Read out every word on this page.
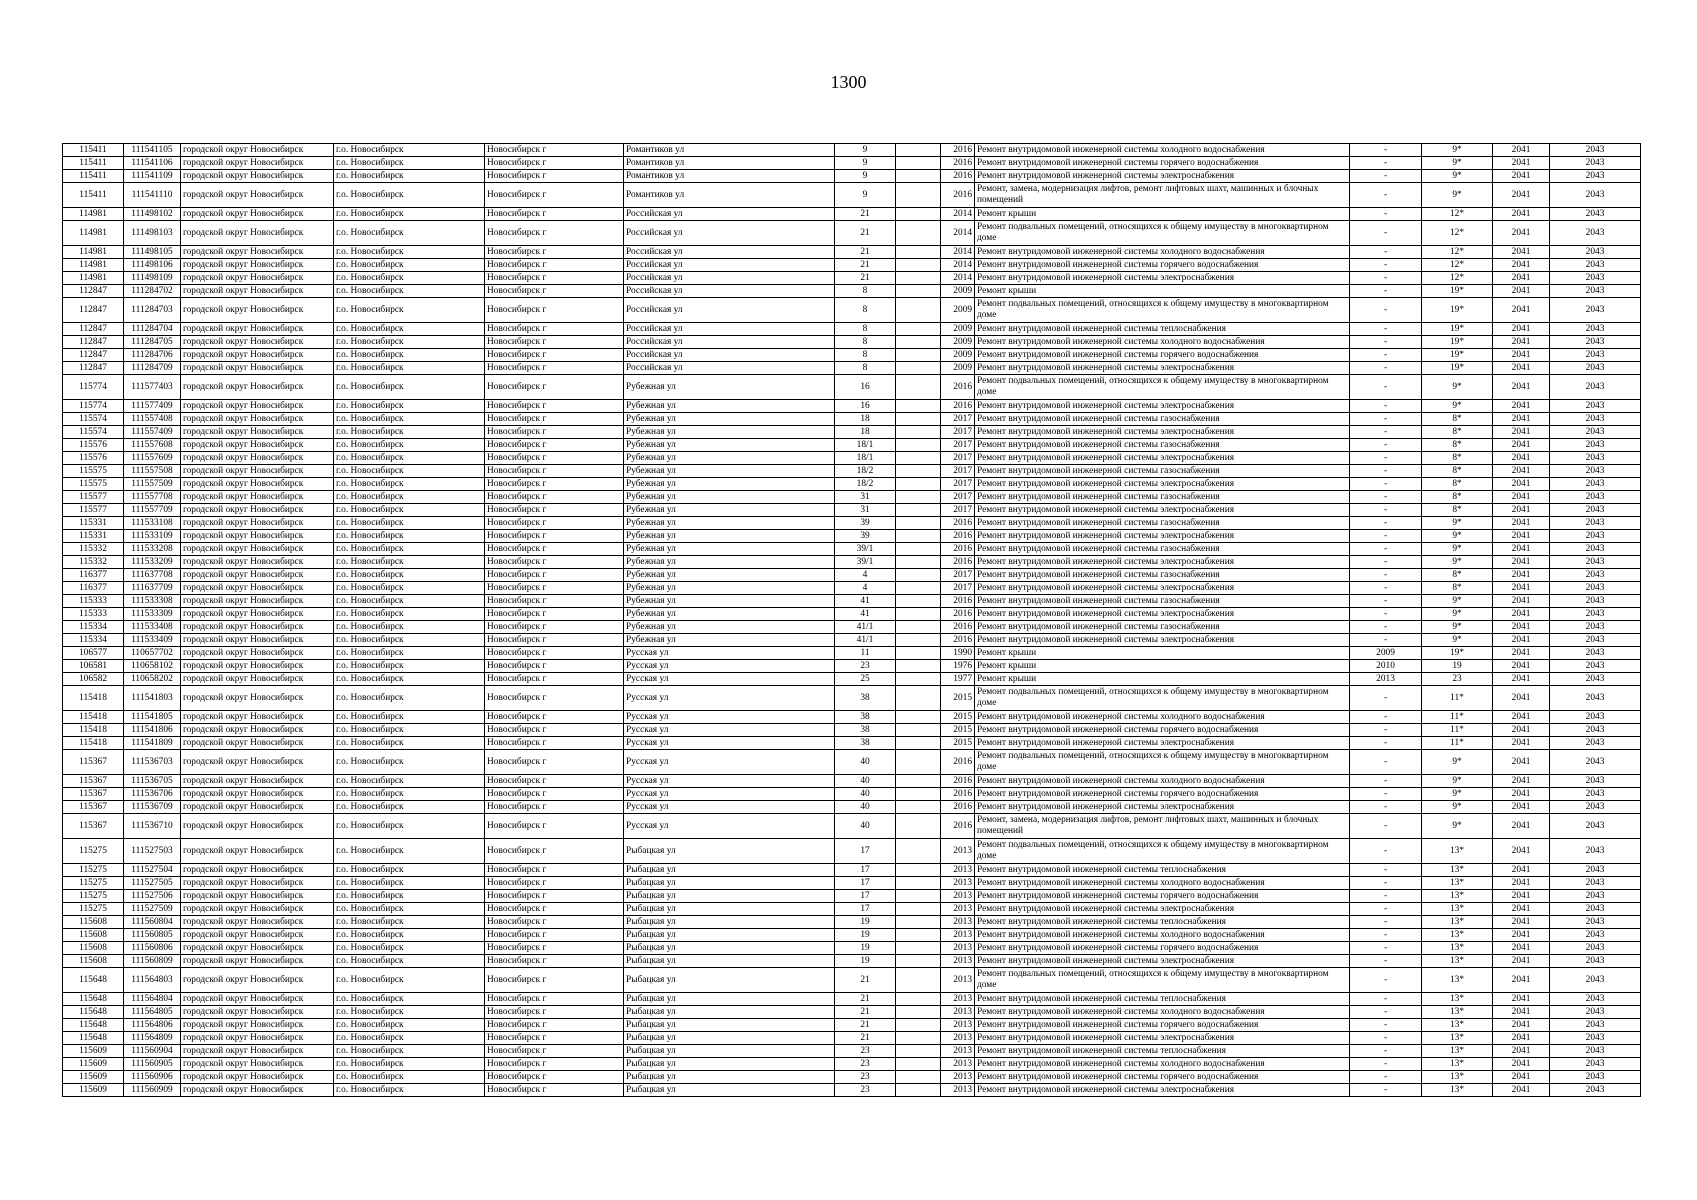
1300
115411	111541105	городской округ Новосибирск	г.о. Новосибирск	Новосибирск г	Романтиков ул	9		2016	Ремонт внутридомовой инженерной системы холодного водоснабжения	-	9*	2041	2043
115411	111541106	городской округ Новосибирск	г.о. Новосибирск	Новосибирск г	Романтиков ул	9		2016	Ремонт внутридомовой инженерной системы горячего водоснабжения	-	9*	2041	2043
115411	111541109	городской округ Новосибирск	г.о. Новосибирск	Новосибирск г	Романтиков ул	9		2016	Ремонт внутридомовой инженерной системы электроснабжения	-	9*	2041	2043
115411	111541110	городской округ Новосибирск	г.о. Новосибирск	Новосибирск г	Романтиков ул	9		2016	Ремонт, замена, модернизация лифтов, ремонт лифтовых шахт, машинных и блочных помещений	-	9*	2041	2043
114981	111498102	городской округ Новосибирск	г.о. Новосибирск	Новосибирск г	Российская ул	21		2014	Ремонт крыши	-	12*	2041	2043
114981	111498103	городской округ Новосибирск	г.о. Новосибирск	Новосибирск г	Российская ул	21		2014	Ремонт подвальных помещений, относящихся к общему имуществу в многоквартирном доме	-	12*	2041	2043
114981	111498105	городской округ Новосибирск	г.о. Новосибирск	Новосибирск г	Российская ул	21		2014	Ремонт внутридомовой инженерной системы холодного водоснабжения	-	12*	2041	2043
114981	111498106	городской округ Новосибирск	г.о. Новосибирск	Новосибирск г	Российская ул	21		2014	Ремонт внутридомовой инженерной системы горячего водоснабжения	-	12*	2041	2043
114981	111498109	городской округ Новосибирск	г.о. Новосибирск	Новосибирск г	Российская ул	21		2014	Ремонт внутридомовой инженерной системы электроснабжения	-	12*	2041	2043
112847	111284702	городской округ Новосибирск	г.о. Новосибирск	Новосибирск г	Российская ул	8		2009	Ремонт крыши	-	19*	2041	2043
112847	111284703	городской округ Новосибирск	г.о. Новосибирск	Новосибирск г	Российская ул	8		2009	Ремонт подвальных помещений, относящихся к общему имуществу в многоквартирном доме	-	19*	2041	2043
112847	111284704	городской округ Новосибирск	г.о. Новосибирск	Новосибирск г	Российская ул	8		2009	Ремонт внутридомовой инженерной системы теплоснабжения	-	19*	2041	2043
112847	111284705	городской округ Новосибирск	г.о. Новосибирск	Новосибирск г	Российская ул	8		2009	Ремонт внутридомовой инженерной системы холодного водоснабжения	-	19*	2041	2043
112847	111284706	городской округ Новосибирск	г.о. Новосибирск	Новосибирск г	Российская ул	8		2009	Ремонт внутридомовой инженерной системы горячего водоснабжения	-	19*	2041	2043
112847	111284709	городской округ Новосибирск	г.о. Новосибирск	Новосибирск г	Российская ул	8		2009	Ремонт внутридомовой инженерной системы электроснабжения	-	19*	2041	2043
115774	111577403	городской округ Новосибирск	г.о. Новосибирск	Новосибирск г	Рубежная ул	16		2016	Ремонт подвальных помещений, относящихся к общему имуществу в многоквартирном доме	-	9*	2041	2043
115774	111577409	городской округ Новосибирск	г.о. Новосибирск	Новосибирск г	Рубежная ул	16		2016	Ремонт внутридомовой инженерной системы электроснабжения	-	9*	2041	2043
115574	111557408	городской округ Новосибирск	г.о. Новосибирск	Новосибирск г	Рубежная ул	18		2017	Ремонт внутридомовой инженерной системы газоснабжения	-	8*	2041	2043
115574	111557409	городской округ Новосибирск	г.о. Новосибирск	Новосибирск г	Рубежная ул	18		2017	Ремонт внутридомовой инженерной системы электроснабжения	-	8*	2041	2043
115576	111557608	городской округ Новосибирск	г.о. Новосибирск	Новосибирск г	Рубежная ул	18/1		2017	Ремонт внутридомовой инженерной системы газоснабжения	-	8*	2041	2043
115576	111557609	городской округ Новосибирск	г.о. Новосибирск	Новосибирск г	Рубежная ул	18/1		2017	Ремонт внутридомовой инженерной системы электроснабжения	-	8*	2041	2043
115575	111557508	городской округ Новосибирск	г.о. Новосибирск	Новосибирск г	Рубежная ул	18/2		2017	Ремонт внутридомовой инженерной системы газоснабжения	-	8*	2041	2043
115575	111557509	городской округ Новосибирск	г.о. Новосибирск	Новосибирск г	Рубежная ул	18/2		2017	Ремонт внутридомовой инженерной системы электроснабжения	-	8*	2041	2043
115577	111557708	городской округ Новосибирск	г.о. Новосибирск	Новосибирск г	Рубежная ул	31		2017	Ремонт внутридомовой инженерной системы газоснабжения	-	8*	2041	2043
115577	111557709	городской округ Новосибирск	г.о. Новосибирск	Новосибирск г	Рубежная ул	31		2017	Ремонт внутридомовой инженерной системы электроснабжения	-	8*	2041	2043
115331	111533108	городской округ Новосибирск	г.о. Новосибирск	Новосибирск г	Рубежная ул	39		2016	Ремонт внутридомовой инженерной системы газоснабжения	-	9*	2041	2043
115331	111533109	городской округ Новосибирск	г.о. Новосибирск	Новосибирск г	Рубежная ул	39		2016	Ремонт внутридомовой инженерной системы электроснабжения	-	9*	2041	2043
115332	111533208	городской округ Новосибирск	г.о. Новосибирск	Новосибирск г	Рубежная ул	39/1		2016	Ремонт внутридомовой инженерной системы газоснабжения	-	9*	2041	2043
115332	111533209	городской округ Новосибирск	г.о. Новосибирск	Новосибирск г	Рубежная ул	39/1		2016	Ремонт внутридомовой инженерной системы электроснабжения	-	9*	2041	2043
116377	111637708	городской округ Новосибирск	г.о. Новосибирск	Новосибирск г	Рубежная ул	4		2017	Ремонт внутридомовой инженерной системы газоснабжения	-	8*	2041	2043
116377	111637709	городской округ Новосибирск	г.о. Новосибирск	Новосибирск г	Рубежная ул	4		2017	Ремонт внутридомовой инженерной системы электроснабжения	-	8*	2041	2043
115333	111533308	городской округ Новосибирск	г.о. Новосибирск	Новосибирск г	Рубежная ул	41		2016	Ремонт внутридомовой инженерной системы газоснабжения	-	9*	2041	2043
115333	111533309	городской округ Новосибирск	г.о. Новосибирск	Новосибирск г	Рубежная ул	41		2016	Ремонт внутридомовой инженерной системы электроснабжения	-	9*	2041	2043
115334	111533408	городской округ Новосибирск	г.о. Новосибирск	Новосибирск г	Рубежная ул	41/1		2016	Ремонт внутридомовой инженерной системы газоснабжения	-	9*	2041	2043
115334	111533409	городской округ Новосибирск	г.о. Новосибирск	Новосибирск г	Рубежная ул	41/1		2016	Ремонт внутридомовой инженерной системы электроснабжения	-	9*	2041	2043
106577	110657702	городской округ Новосибирск	г.о. Новосибирск	Новосибирск г	Русская ул	11		1990	Ремонт крыши	2009	19*	2041	2043
106581	110658102	городской округ Новосибирск	г.о. Новосибирск	Новосибирск г	Русская ул	23		1976	Ремонт крыши	2010	19	2041	2043
106582	110658202	городской округ Новосибирск	г.о. Новосибирск	Новосибирск г	Русская ул	25		1977	Ремонт крыши	2013	23	2041	2043
115418	111541803	городской округ Новосибирск	г.о. Новосибирск	Новосибирск г	Русская ул	38		2015	Ремонт подвальных помещений, относящихся к общему имуществу в многоквартирном доме	-	11*	2041	2043
115418	111541805	городской округ Новосибирск	г.о. Новосибирск	Новосибирск г	Русская ул	38		2015	Ремонт внутридомовой инженерной системы холодного водоснабжения	-	11*	2041	2043
115418	111541806	городской округ Новосибирск	г.о. Новосибирск	Новосибирск г	Русская ул	38		2015	Ремонт внутридомовой инженерной системы горячего водоснабжения	-	11*	2041	2043
115418	111541809	городской округ Новосибирск	г.о. Новосибирск	Новосибирск г	Русская ул	38		2015	Ремонт внутридомовой инженерной системы электроснабжения	-	11*	2041	2043
115367	111536703	городской округ Новосибирск	г.о. Новосибирск	Новосибирск г	Русская ул	40		2016	Ремонт подвальных помещений, относящихся к общему имуществу в многоквартирном доме	-	9*	2041	2043
115367	111536705	городской округ Новосибирск	г.о. Новосибирск	Новосибирск г	Русская ул	40		2016	Ремонт внутридомовой инженерной системы холодного водоснабжения	-	9*	2041	2043
115367	111536706	городской округ Новосибирск	г.о. Новосибирск	Новосибирск г	Русская ул	40		2016	Ремонт внутридомовой инженерной системы горячего водоснабжения	-	9*	2041	2043
115367	111536709	городской округ Новосибирск	г.о. Новосибирск	Новосибирск г	Русская ул	40		2016	Ремонт внутридомовой инженерной системы электроснабжения	-	9*	2041	2043
115367	111536710	городской округ Новосибирск	г.о. Новосибирск	Новосибирск г	Русская ул	40		2016	Ремонт, замена, модернизация лифтов, ремонт лифтовых шахт, машинных и блочных помещений	-	9*	2041	2043
115275	111527503	городской округ Новосибирск	г.о. Новосибирск	Новосибирск г	Рыбацкая ул	17		2013	Ремонт подвальных помещений, относящихся к общему имуществу в многоквартирном доме	-	13*	2041	2043
115275	111527504	городской округ Новосибирск	г.о. Новосибирск	Новосибирск г	Рыбацкая ул	17		2013	Ремонт внутридомовой инженерной системы теплоснабжения	-	13*	2041	2043
115275	111527505	городской округ Новосибирск	г.о. Новосибирск	Новосибирск г	Рыбацкая ул	17		2013	Ремонт внутридомовой инженерной системы холодного водоснабжения	-	13*	2041	2043
115275	111527506	городской округ Новосибирск	г.о. Новосибирск	Новосибирск г	Рыбацкая ул	17		2013	Ремонт внутридомовой инженерной системы горячего водоснабжения	-	13*	2041	2043
115275	111527509	городской округ Новосибирск	г.о. Новосибирск	Новосибирск г	Рыбацкая ул	17		2013	Ремонт внутридомовой инженерной системы электроснабжения	-	13*	2041	2043
115608	111560804	городской округ Новосибирск	г.о. Новосибирск	Новосибирск г	Рыбацкая ул	19		2013	Ремонт внутридомовой инженерной системы теплоснабжения	-	13*	2041	2043
115608	111560805	городской округ Новосибирск	г.о. Новосибирск	Новосибирск г	Рыбацкая ул	19		2013	Ремонт внутридомовой инженерной системы холодного водоснабжения	-	13*	2041	2043
115608	111560806	городской округ Новосибирск	г.о. Новосибирск	Новосибирск г	Рыбацкая ул	19		2013	Ремонт внутридомовой инженерной системы горячего водоснабжения	-	13*	2041	2043
115608	111560809	городской округ Новосибирск	г.о. Новосибирск	Новосибирск г	Рыбацкая ул	19		2013	Ремонт внутридомовой инженерной системы электроснабжения	-	13*	2041	2043
115648	111564803	городской округ Новосибирск	г.о. Новосибирск	Новосибирск г	Рыбацкая ул	21		2013	Ремонт подвальных помещений, относящихся к общему имуществу в многоквартирном доме	-	13*	2041	2043
115648	111564804	городской округ Новосибирск	г.о. Новосибирск	Новосибирск г	Рыбацкая ул	21		2013	Ремонт внутридомовой инженерной системы теплоснабжения	-	13*	2041	2043
115648	111564805	городской округ Новосибирск	г.о. Новосибирск	Новосибирск г	Рыбацкая ул	21		2013	Ремонт внутридомовой инженерной системы холодного водоснабжения	-	13*	2041	2043
115648	111564806	городской округ Новосибирск	г.о. Новосибирск	Новосибирск г	Рыбацкая ул	21		2013	Ремонт внутридомовой инженерной системы горячего водоснабжения	-	13*	2041	2043
115648	111564809	городской округ Новосибирск	г.о. Новосибирск	Новосибирск г	Рыбацкая ул	21		2013	Ремонт внутридомовой инженерной системы электроснабжения	-	13*	2041	2043
115609	111560904	городской округ Новосибирск	г.о. Новосибирск	Новосибирск г	Рыбацкая ул	23		2013	Ремонт внутридомовой инженерной системы теплоснабжения	-	13*	2041	2043
115609	111560905	городской округ Новосибирск	г.о. Новосибирск	Новосибирск г	Рыбацкая ул	23		2013	Ремонт внутридомовой инженерной системы холодного водоснабжения	-	13*	2041	2043
115609	111560906	городской округ Новосибирск	г.о. Новосибирск	Новосибирск г	Рыбацкая ул	23		2013	Ремонт внутридомовой инженерной системы горячего водоснабжения	-	13*	2041	2043
115609	111560909	городской округ Новосибирск	г.о. Новосибирск	Новосибирск г	Рыбацкая ул	23		2013	Ремонт внутридомовой инженерной системы электроснабжения	-	13*	2041	2043
